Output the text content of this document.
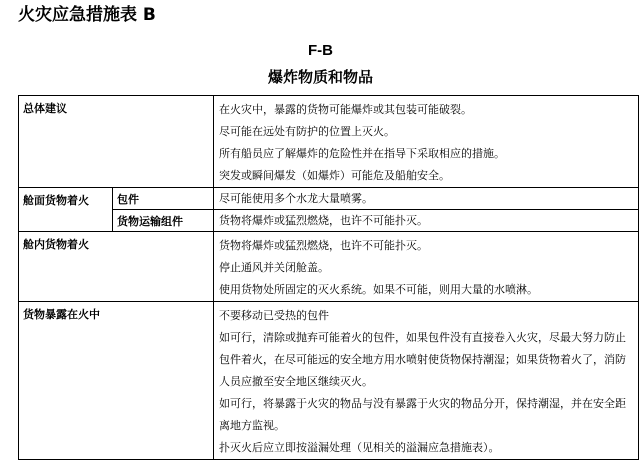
火灾应急措施表 B
F-B
爆炸物质和物品
总体建议		在火灾中，暴露的货物可能爆炸或其包装可能破裂。

尽可能在远处有防护的位置上灭火。

所有船员应了解爆炸的危险性并在指导下采取相应的措施。

突发或瞬间爆发（如爆炸）可能危及船舶安全。

舱面货物着火	包件	尽可能使用多个水龙大量喷雾。

	货物运输组件	货物将爆炸或猛烈燃烧，也许不可能扑灭。

舱内货物着火		货物将爆炸或猛烈燃烧，也许不可能扑灭。

停止通风并关闭舱盖。

使用货物处所固定的灭火系统。如果不可能，则用大量的水喷淋。

货物暴露在火中		不要移动已受热的包件

如可行，清除或抛弃可能着火的包件，如果包件没有直接卷入火灾，尽最大努力防止包件着火，在尽可能远的安全地方用水喷射使货物保持潮湿；如果货物着火了，消防人员应撤至安全地区继续灭火。

如可行，将暴露于火灾的物品与没有暴露于火灾的物品分开，保持潮湿，并在安全距离地方监视。

扑灭火后应立即按溢漏处理（见相关的溢漏应急措施表）。
